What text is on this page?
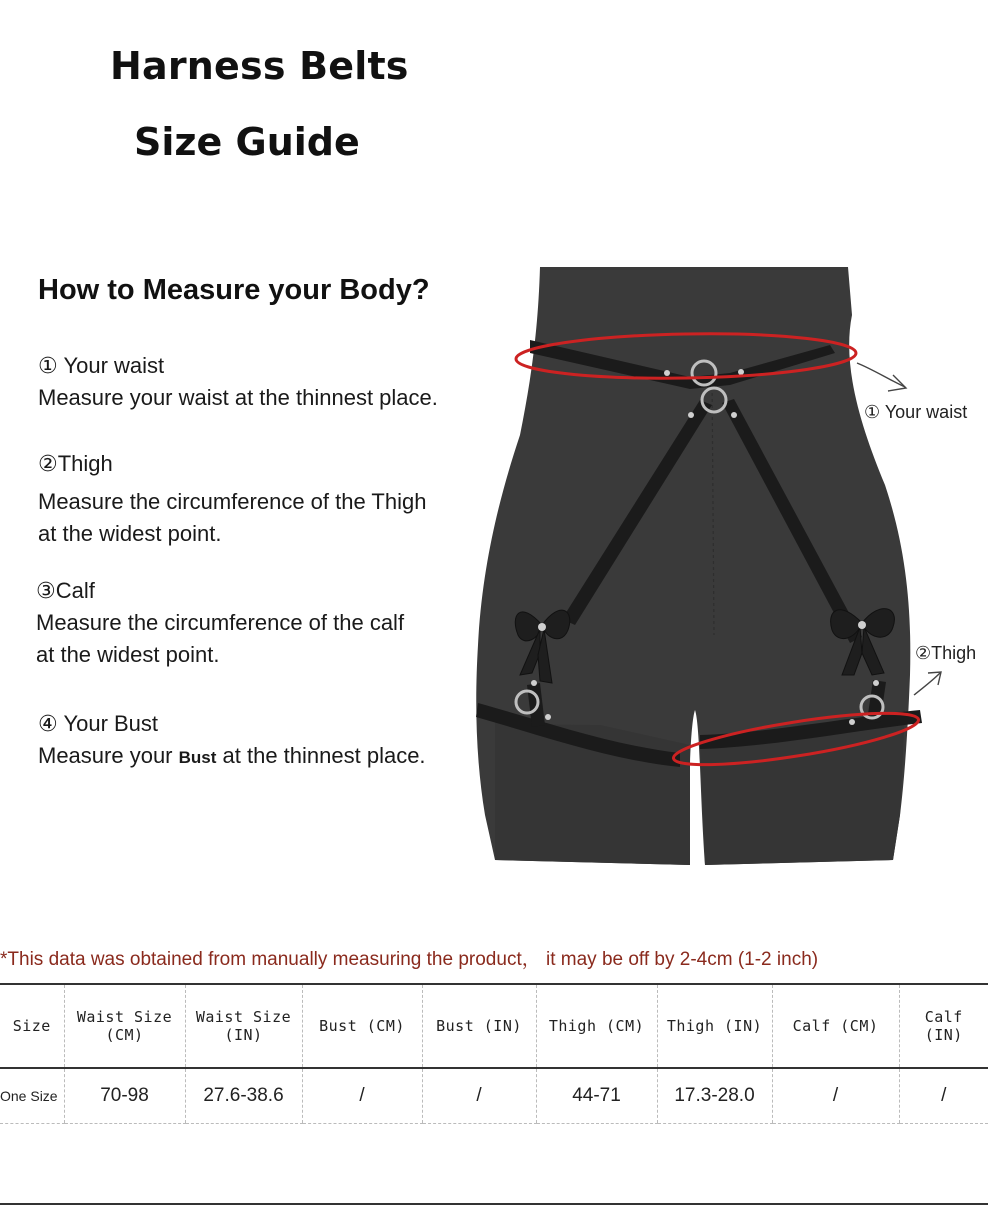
Harness Belts
Size Guide
How to Measure your Body?
① Your waist
Measure your waist at the thinnest place.
②Thigh
Measure the circumference of the Thigh
at the widest point.
③Calf
Measure the circumference of the calf
at the widest point.
④ Your Bust
Measure your Bust at the thinnest place.
① Your waist
②Thigh

*This data was obtained from manually measuring the product， it may be off by 2-4cm (1-2 inch)

Size	Waist Size (CM)	Waist Size (IN)	Bust (CM)	Bust (IN)	Thigh (CM)	Thigh (IN)	Calf (CM)	Calf (IN)
One Size	70-98	27.6-38.6	/	/	44-71	17.3-28.0	/	/
